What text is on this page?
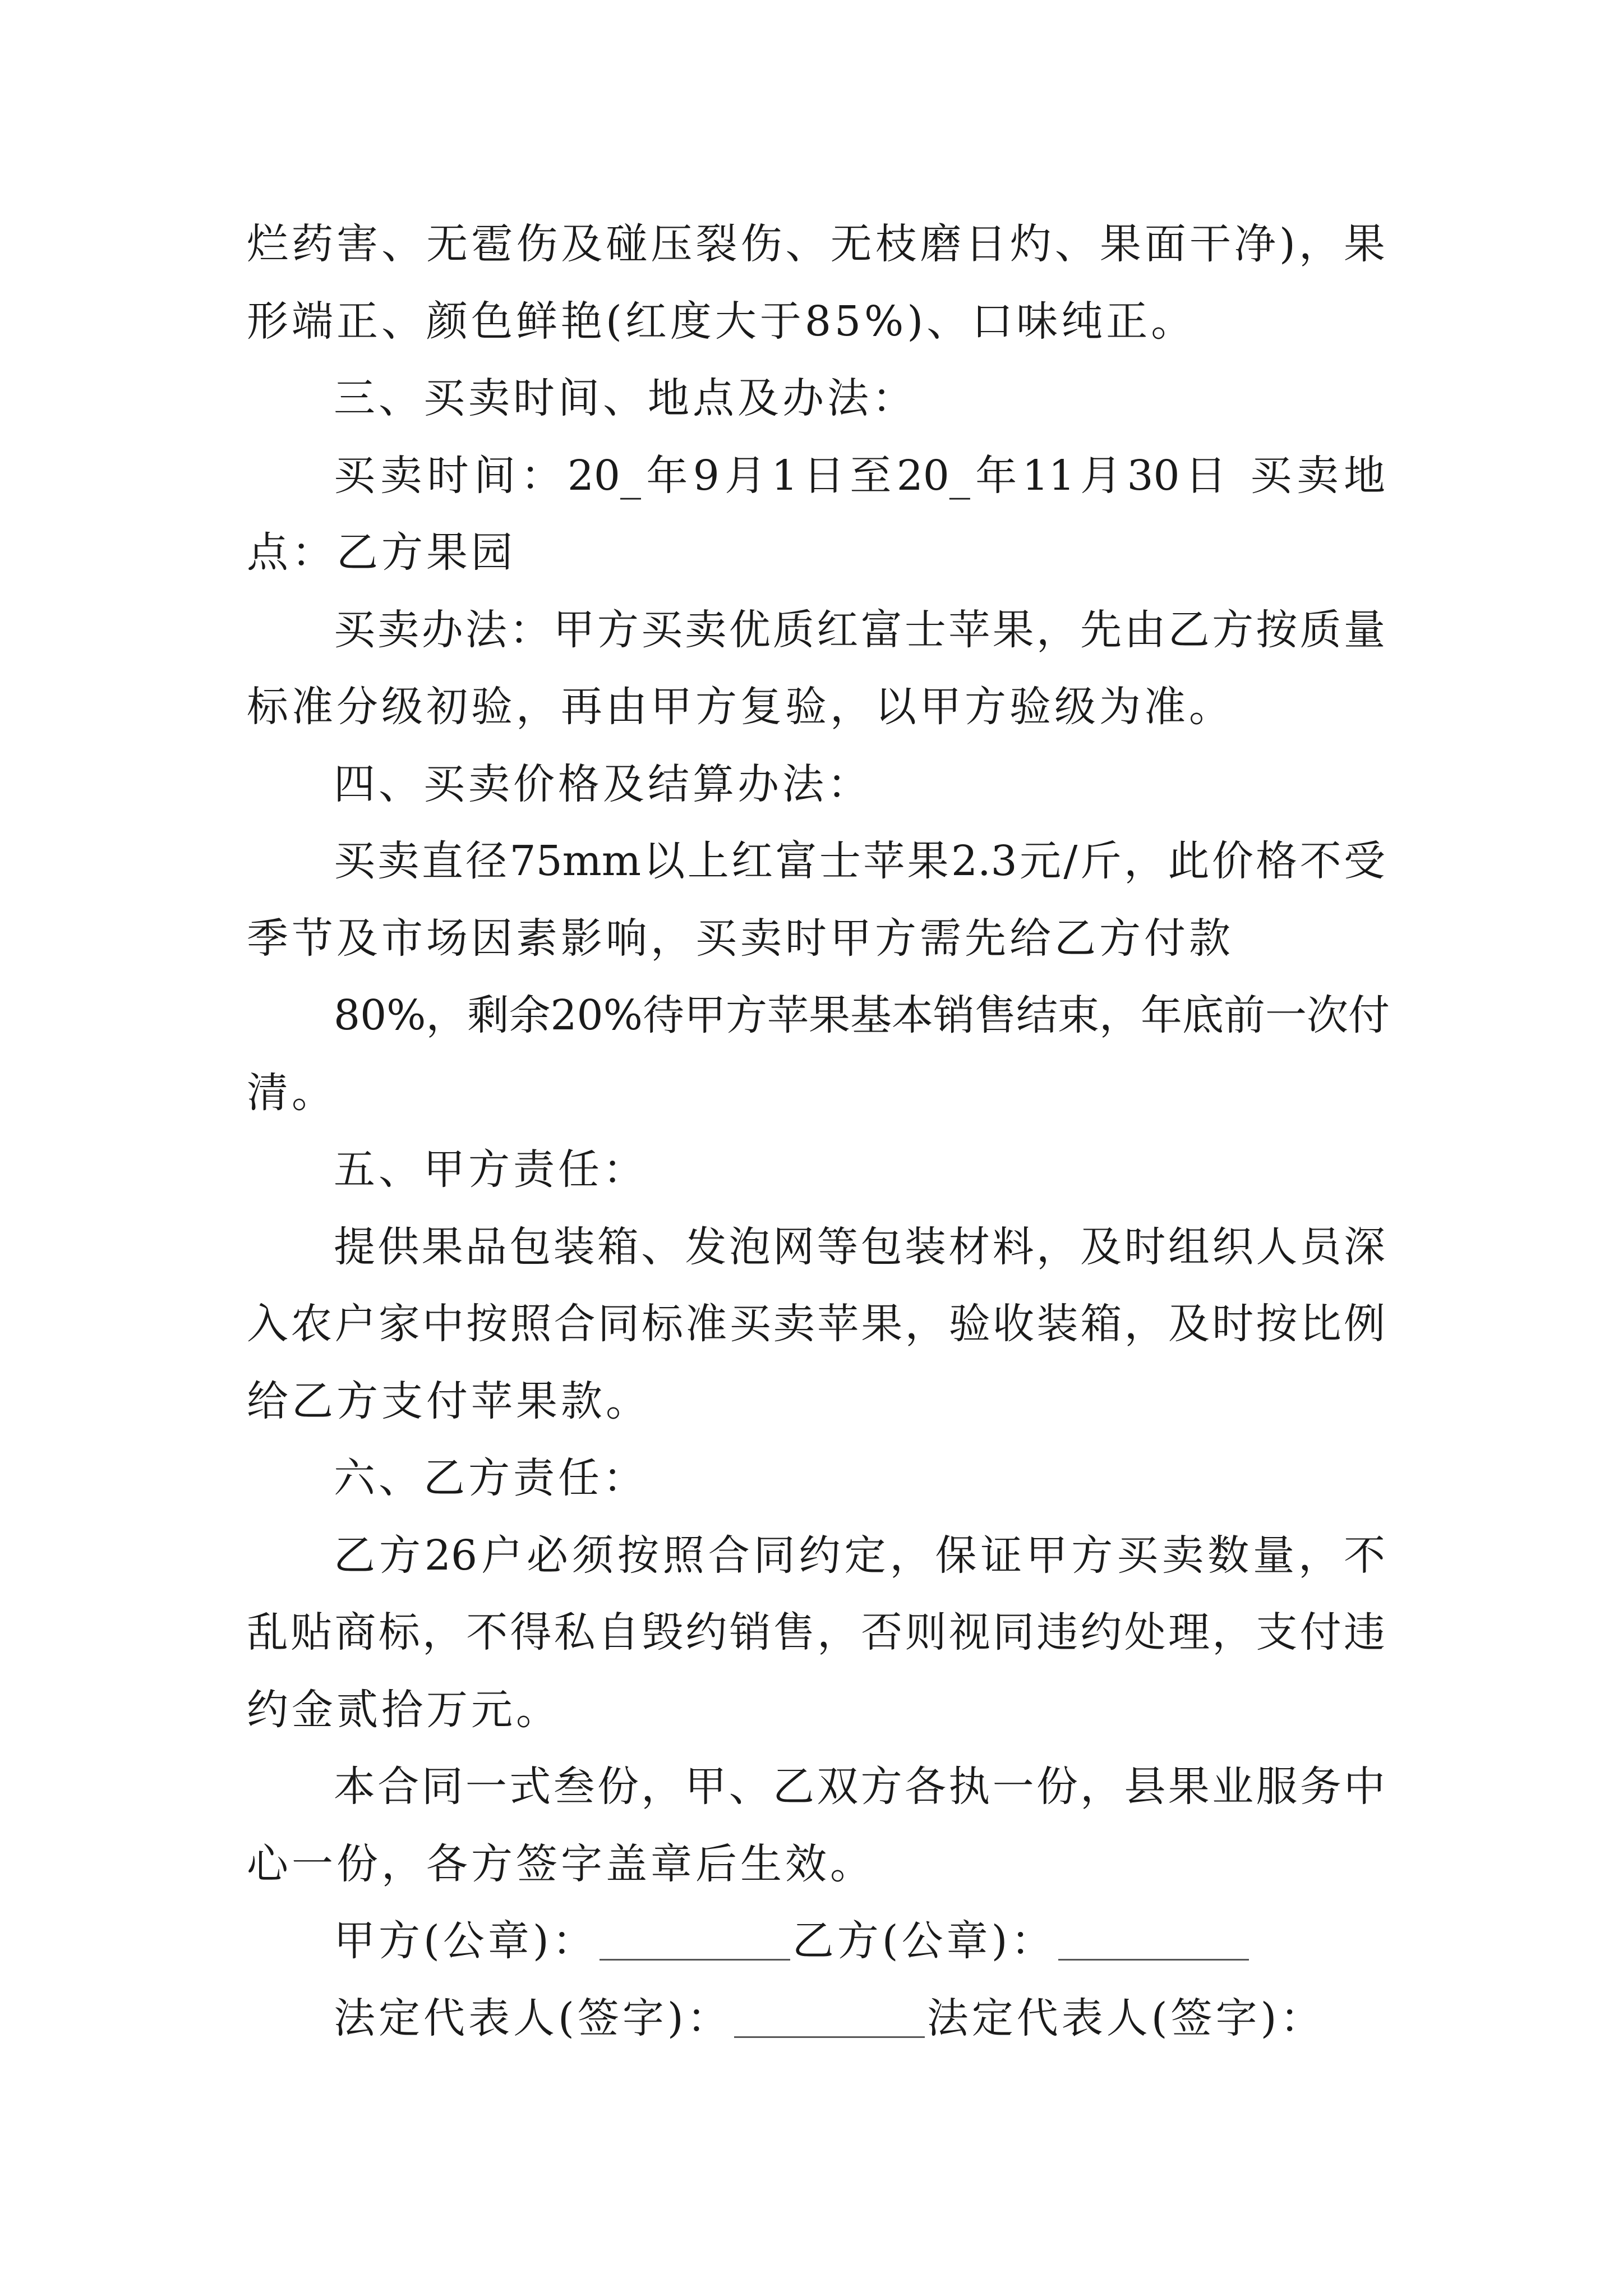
烂药害、无雹伤及碰压裂伤、无枝磨日灼、果面干净)，果
形端正、颜色鲜艳(红度大于85%)、口味纯正。
三、买卖时间、地点及办法：
买卖时间：20_年9月1日至20_年11月30日 买卖地
点：乙方果园
买卖办法：甲方买卖优质红富士苹果，先由乙方按质量
标准分级初验，再由甲方复验，以甲方验级为准。
四、买卖价格及结算办法：
买卖直径75mm以上红富士苹果2.3元/斤，此价格不受
季节及市场因素影响，买卖时甲方需先给乙方付款
80%，剩余20%待甲方苹果基本销售结束，年底前一次付
清。
五、甲方责任：
提供果品包装箱、发泡网等包装材料，及时组织人员深
入农户家中按照合同标准买卖苹果，验收装箱，及时按比例
给乙方支付苹果款。
六、乙方责任：
乙方26户必须按照合同约定，保证甲方买卖数量，不
乱贴商标，不得私自毁约销售，否则视同违约处理，支付违
约金贰拾万元。
本合同一式叁份，甲、乙双方各执一份，县果业服务中
心一份，各方签字盖章后生效。
甲方(公章)：	乙方(公章)：
法定代表人(签字)：	法定代表人(签字)：
